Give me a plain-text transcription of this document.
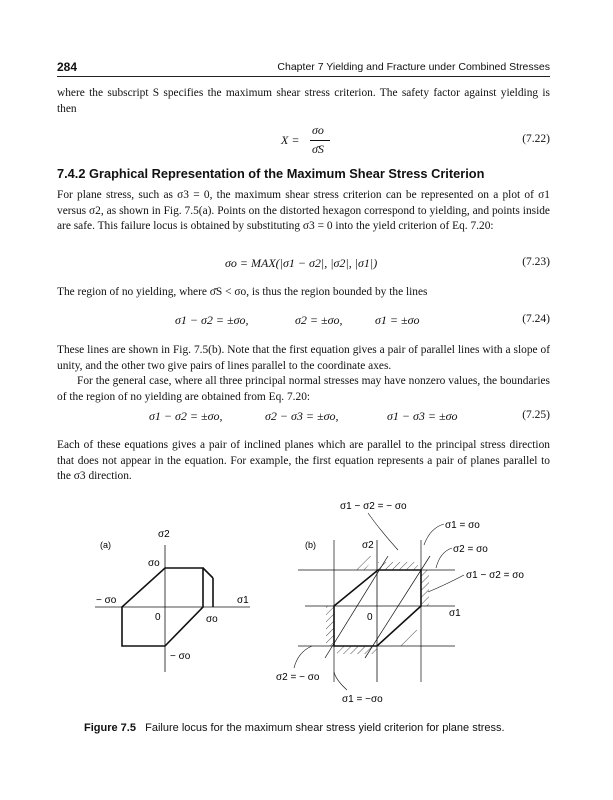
284	Chapter 7 Yielding and Fracture under Combined Stresses

where the subscript S specifies the maximum shear stress criterion. The safety factor against yielding is then

X =
σo
σ̄S
(7.22)
7.4.2 Graphical Representation of the Maximum Shear Stress Criterion

For plane stress, such as σ3 = 0, the maximum shear stress criterion can be represented on a plot of σ1 versus σ2, as shown in Fig. 7.5(a). Points on the distorted hexagon correspond to yielding, and points inside are safe. This failure locus is obtained by substituting σ3 = 0 into the yield criterion of Eq. 7.20:

σo = MAX(|σ1 − σ2|, |σ2|, |σ1|)	(7.23)

The region of no yielding, where σ̄S < σo, is thus the region bounded by the lines

σ1 − σ2 = ±σo,	σ2 = ±σo,	σ1 = ±σo	(7.24)

These lines are shown in Fig. 7.5(b). Note that the first equation gives a pair of parallel lines with a slope of unity, and the other two give pairs of lines parallel to the coordinate axes.

For the general case, where all three principal normal stresses may have nonzero values, the boundaries of the region of no yielding are obtained from Eq. 7.20:

σ1 − σ2 = ±σo,	σ2 − σ3 = ±σo,	σ1 − σ3 = ±σo	(7.25)

Each of these equations gives a pair of inclined planes which are parallel to the principal stress direction that does not appear in the equation. For example, the first equation represents a pair of planes parallel to the σ3 direction.

(a)
σ2
σ1
σo
σo
− σo
− σo
0
(b)	σ2
σ1
0
σ1 − σ2 = − σo
σ1 = σo
σ2 = σo
σ1 − σ2 = σo
σ2 = − σo
σ1 = −σo
Figure 7.5 Failure locus for the maximum shear stress yield criterion for plane stress.
